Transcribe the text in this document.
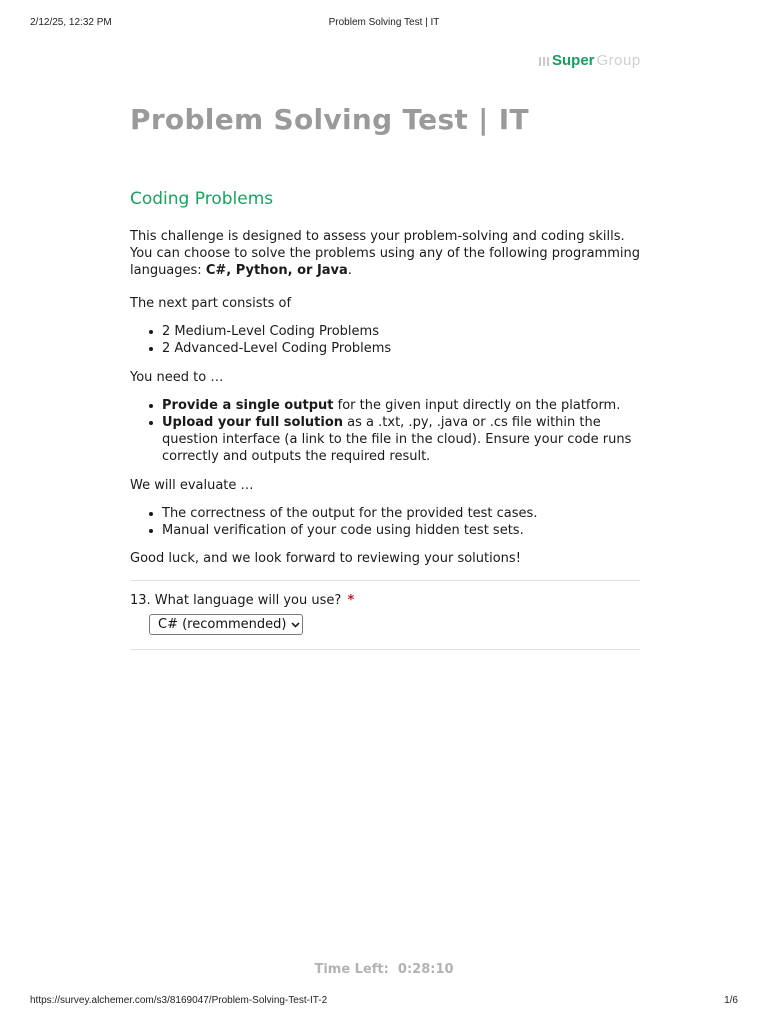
2/12/25, 12:32 PM	Problem Solving Test | IT
Super Group
Problem Solving Test | IT
Coding Problems

This challenge is designed to assess your problem-solving and coding skills. You can choose to solve the problems using any of the following programming languages: C#, Python, or Java.

The next part consists of

2 Medium-Level Coding Problems
2 Advanced-Level Coding Problems

You need to …

Provide a single output for the given input directly on the platform.
Upload your full solution as a .txt, .py, .java or .cs file within the question interface (a link to the file in the cloud). Ensure your code runs correctly and outputs the required result.

We will evaluate …

The correctness of the output for the provided test cases.
Manual verification of your code using hidden test sets.

Good luck, and we look forward to reviewing your solutions!

13. What language will you use? *
C# (recommended)
Time Left: 0:28:10
https://survey.alchemer.com/s3/8169047/Problem-Solving-Test-IT-2	1/6
